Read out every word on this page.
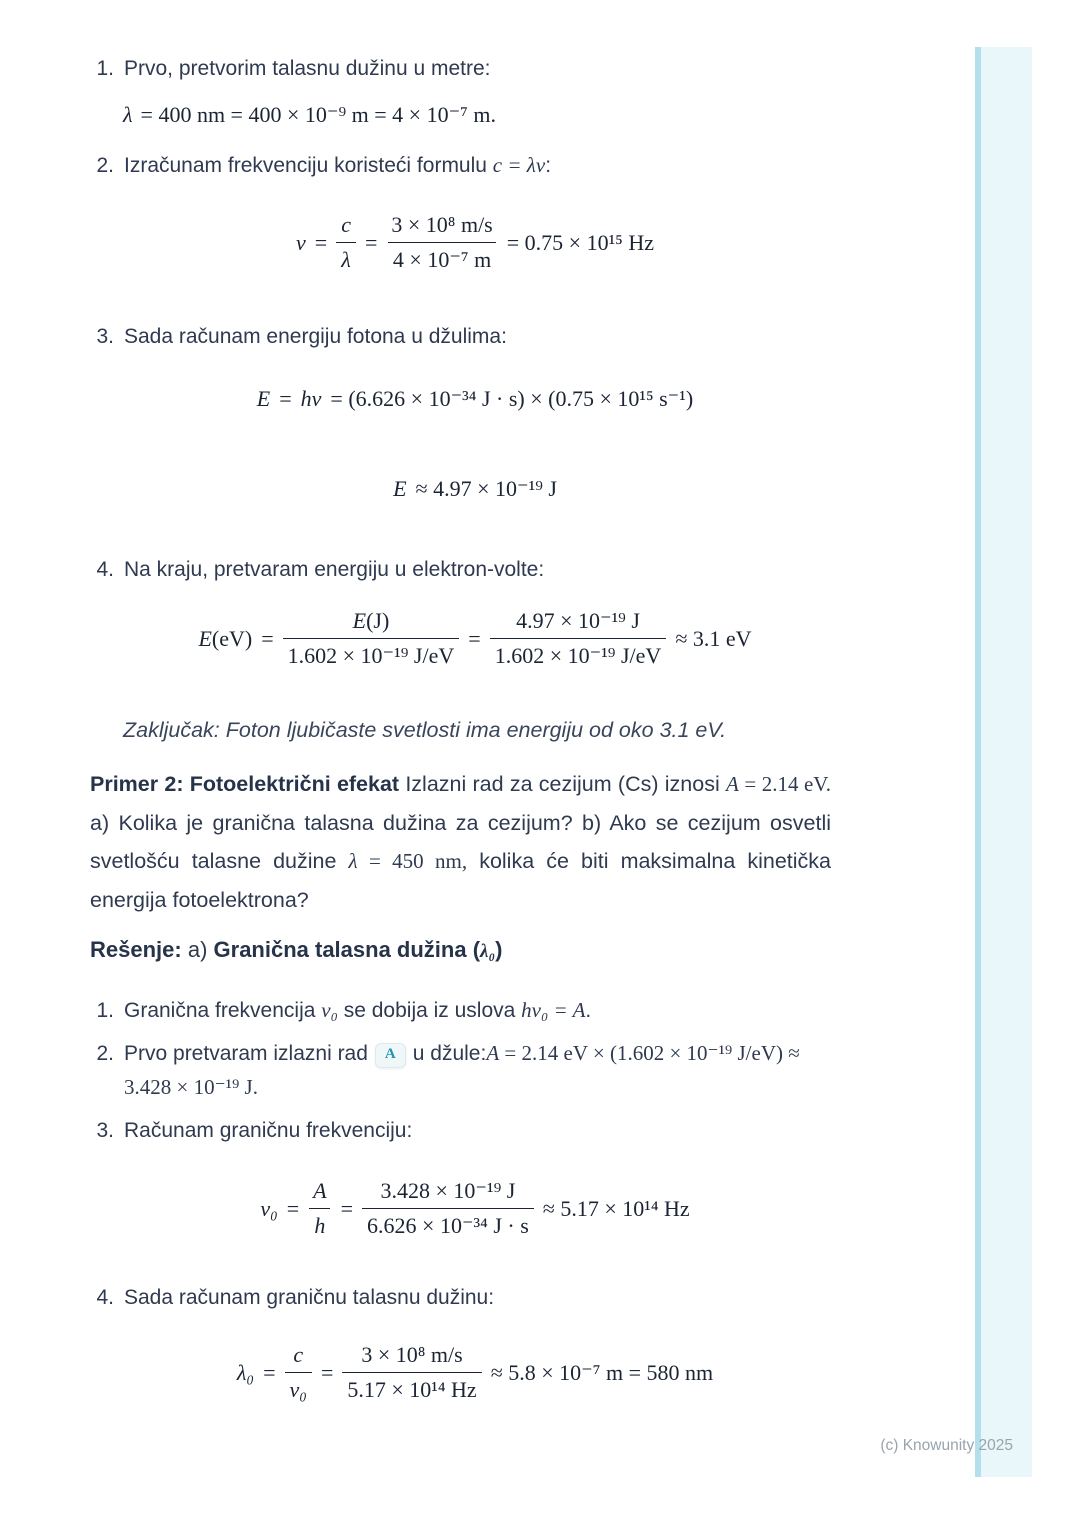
1. Prvo, pretvorim talasnu dužinu u metre:
λ = 400 nm = 400 × 10⁻⁹ m = 4 × 10⁻⁷ m.
2. Izračunam frekvenciju koristeći formulu c = λv:
$v = \frac{c}{\lambda} = \frac{\text{3 × 10⁸ m/s}}{\text{4 × 10⁻⁷ m}} = 0.75 \times 10^{15}$ Hz
3. Sada računam energiju fotona u džulima:
E = hv = (6.626 × 10⁻³⁴ J · s) × (0.75 × 10¹⁵ s⁻¹)
E ≈ 4.97 × 10⁻¹⁹ J
4. Na kraju, pretvaram energiju u elektron-volte:
$E(eV) = \frac{E(J)}{\text{1.602 × 10⁻¹⁹ J/eV}} = \frac{\text{4.97 × 10⁻¹⁹ J}}{\text{1.602 × 10⁻¹⁹ J/eV}} \approx 3.1$ eV
Zaključak: Foton ljubičaste svetlosti ima energiju od oko 3.1 eV.

Primer 2: Fotoelektrični efekat Izlazni rad za cezijum (Cs) iznosi A = 2.14 eV. a) Kolika je granična talasna dužina za cezijum? b) Ako se cezijum osvetli svetlošću talasne dužine λ = 450 nm, kolika će biti maksimalna kinetička energija fotoelektrona?

Rešenje: a) Granična talasna dužina (λ₀)
1. Granična frekvencija v₀ se dobija iz uslova hv₀ = A.
2. Prvo pretvaram izlazni rad A u džule:A = 2.14 eV × (1.602 × 10⁻¹⁹ J/eV) ≈ 3.428 × 10⁻¹⁹ J.
3. Računam graničnu frekvenciju:
$v_0 = \frac{A}{h} = \frac{\text{3.428 × 10⁻¹⁹ J}}{\text{6.626 × 10⁻³⁴ J · s}} \approx 5.17 \times 10^{14}$ Hz
4. Sada računam graničnu talasnu dužinu:
$\lambda_0 = \frac{c}{\text{v₀}} = \frac{\text{3 × 10⁸ m/s}}{\text{5.17 × 10¹⁴ Hz}} \approx 5.8 \times 10^{-7}$ m = 580 nm
(c) Knowunity 2025
